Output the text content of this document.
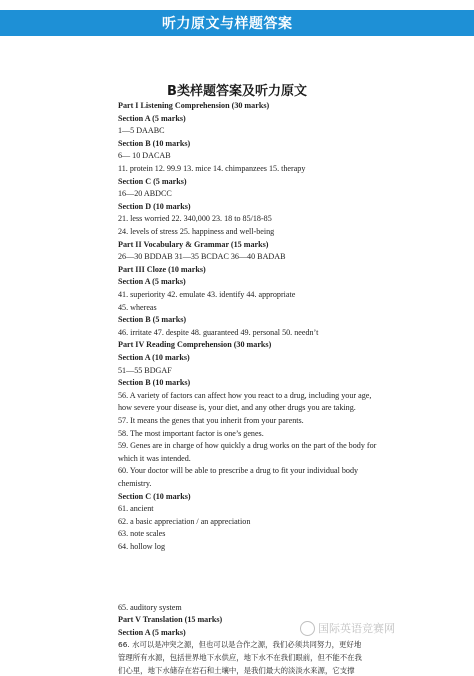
听力原文与样题答案
B类样题答案及听力原文
Part I Listening Comprehension (30 marks)
Section A (5 marks)
1—5 DAABC
Section B (10 marks)
6— 10 DACAB
11. protein 12. 99.9 13. mice 14. chimpanzees 15. therapy
Section C (5 marks)
16—20 ABDCC
Section D (10 marks)
21. less worried 22. 340,000 23. 18 to 85/18-85
24. levels of stress 25. happiness and well-being
Part II Vocabulary & Grammar (15 marks)
26—30 BDDAB 31—35 BCDAC 36—40 BADAB
Part III Cloze (10 marks)
Section A (5 marks)
41. superiority 42. emulate 43. identify 44. appropriate
45. whereas
Section B (5 marks)
46. irritate 47. despite 48. guaranteed 49. personal 50. needn’t
Part IV Reading Comprehension (30 marks)
Section A (10 marks)
51—55 BDGAF
Section B (10 marks)
56. A variety of factors can affect how you react to a drug, including your age,
how severe your disease is, your diet, and any other drugs you are taking.
57. It means the genes that you inherit from your parents.
58. The most important factor is one’s genes.
59. Genes are in charge of how quickly a drug works on the part of the body for
which it was intended.
60. Your doctor will be able to prescribe a drug to fit your individual body
chemistry.
Section C (10 marks)
61. ancient
62. a basic appreciation / an appreciation
63. note scales
64. hollow log
65. auditory system
Part V Translation (15 marks)
Section A (5 marks)
66. 水可以是冲突之源，但也可以是合作之源，我们必须共同努力，更好地
管理所有水源，包括世界地下水供应，地下水不在我们眼前，但不能不在我
们心里，地下水储存在岩石和土壤中，是我们最大的淡淡水来源，它支撑
国际英语竞赛网
